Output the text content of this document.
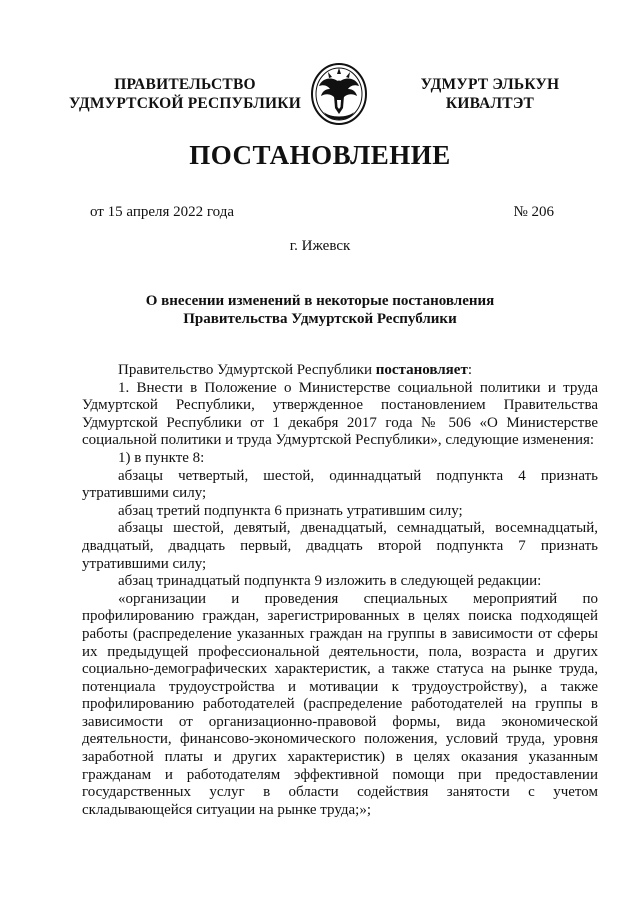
ПРАВИТЕЛЬСТВО
УДМУРТСКОЙ РЕСПУБЛИКИ
УДМУРТ ЭЛЬКУН
КИВАЛТЭТ
ПОСТАНОВЛЕНИЕ
от 15 апреля 2022 года	№ 206
г. Ижевск
О внесении изменений в некоторые постановления
Правительства Удмуртской Республики

Правительство Удмуртской Республики постановляет:

1. Внести в Положение о Министерстве социальной политики и труда Удмуртской Республики, утвержденное постановлением Правительства Удмуртской Республики от 1 декабря 2017 года № 506 «О Министерстве социальной политики и труда Удмуртской Республики», следующие изменения:

1) в пункте 8:

абзацы четвертый, шестой, одиннадцатый подпункта 4 признать утратившими силу;

абзац третий подпункта 6 признать утратившим силу;

абзацы шестой, девятый, двенадцатый, семнадцатый, восемнадцатый, двадцатый, двадцать первый, двадцать второй подпункта 7 признать утратившими силу;

абзац тринадцатый подпункта 9 изложить в следующей редакции:

«организации и проведения специальных мероприятий по профилированию граждан, зарегистрированных в целях поиска подходящей работы (распределение указанных граждан на группы в зависимости от сферы их предыдущей профессиональной деятельности, пола, возраста и других социально-демографических характеристик, а также статуса на рынке труда, потенциала трудоустройства и мотивации к трудоустройству), а также профилированию работодателей (распределение работодателей на группы в зависимости от организационно-правовой формы, вида экономической деятельности, финансово-экономического положения, условий труда, уровня заработной платы и других характеристик) в целях оказания указанным гражданам и работодателям эффективной помощи при предоставлении государственных услуг в области содействия занятости с учетом складывающейся ситуации на рынке труда;»;
